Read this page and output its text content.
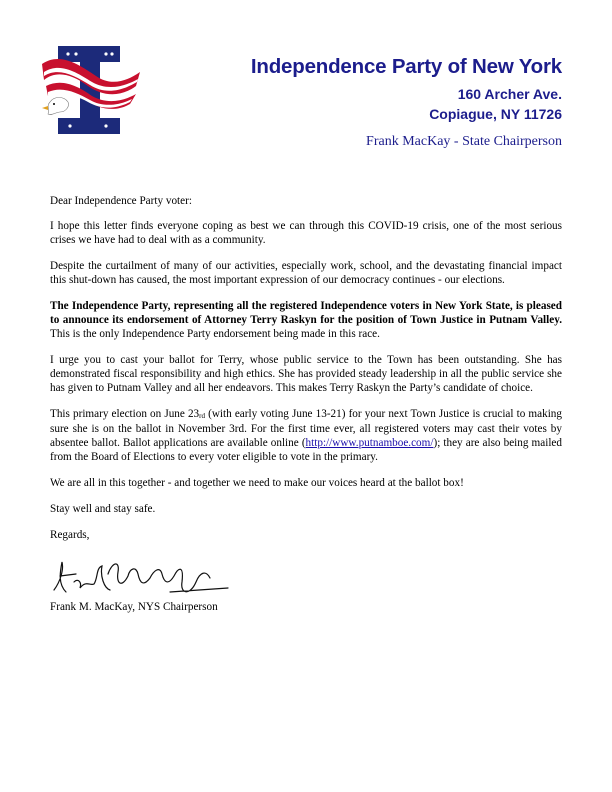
Independence Party of New York
160 Archer Ave.
Copiague, NY 11726
Frank MacKay - State Chairperson

Dear Independence Party voter:

I hope this letter finds everyone coping as best we can through this COVID-19 crisis, one of the most serious crises we have had to deal with as a community.

Despite the curtailment of many of our activities, especially work, school, and the devastating financial impact this shut-down has caused, the most important expression of our democracy continues - our elections.

The Independence Party, representing all the registered Independence voters in New York State, is pleased to announce its endorsement of Attorney Terry Raskyn for the position of Town Justice in Putnam Valley. This is the only Independence Party endorsement being made in this race.

I urge you to cast your ballot for Terry, whose public service to the Town has been outstanding. She has demonstrated fiscal responsibility and high ethics. She has provided steady leadership in all the public service she has given to Putnam Valley and all her endeavors. This makes Terry Raskyn the Party’s candidate of choice.

This primary election on June $23_{rd}$ (with early voting June 13-21) for your next Town Justice is crucial to making sure she is on the ballot in November 3rd. For the first time ever, all registered voters may cast their votes by absentee ballot. Ballot applications are available online (http://www.putnamboe.com/); they are also being mailed from the Board of Elections to every voter eligible to vote in the primary.

We are all in this together - and together we need to make our voices heard at the ballot box!

Stay well and stay safe.

Regards,

Frank M. MacKay, NYS Chairperson
